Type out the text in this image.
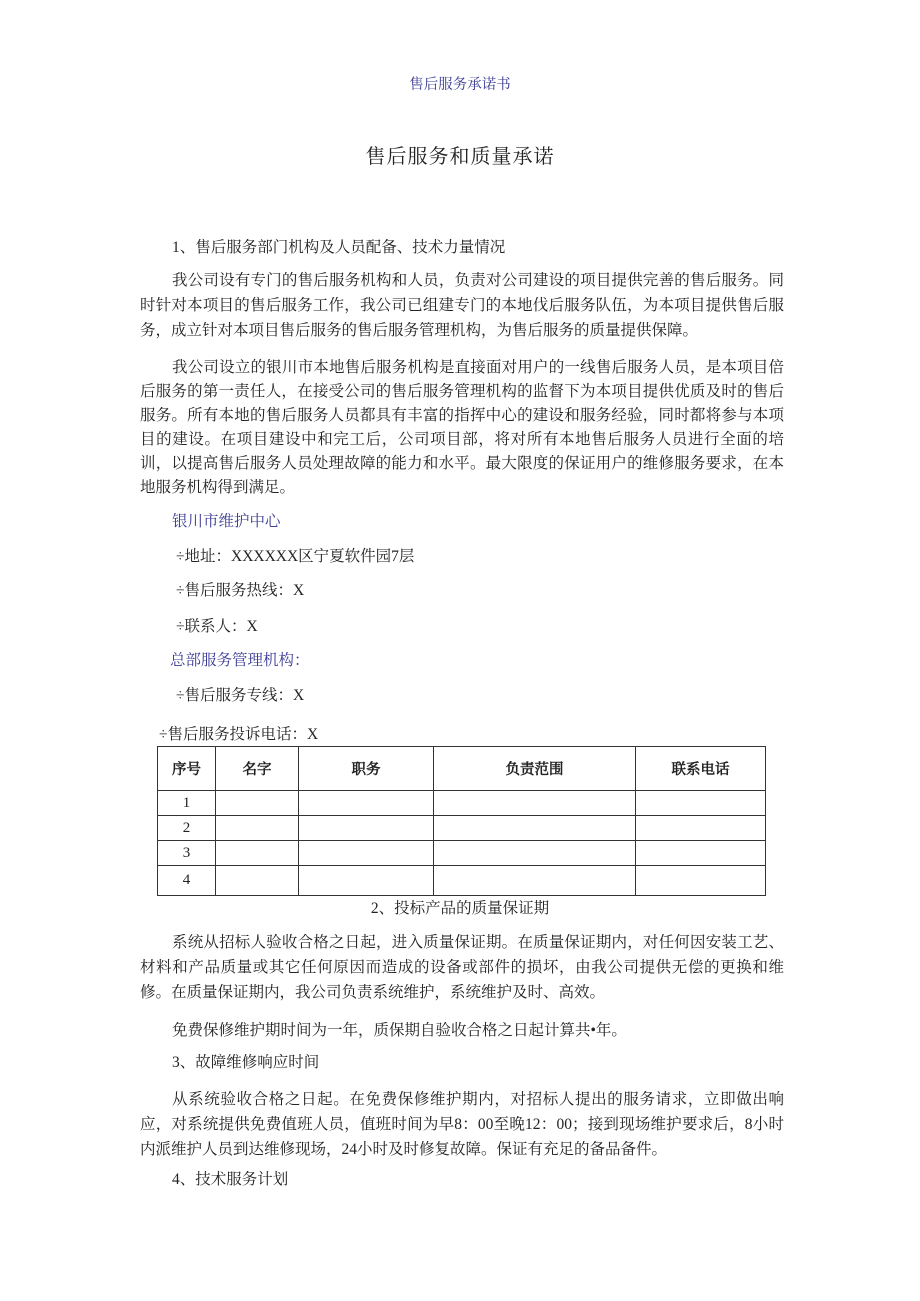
售后服务承诺书
售后服务和质量承诺
1、售后服务部门机构及人员配备、技术力量情况
我公司设有专门的售后服务机构和人员，负责对公司建设的项目提供完善的售后服务。同时针对本项目的售后服务工作，我公司已组建专门的本地伐后服务队伍，为本项目提供售后服务，成立针对本项目售后服务的售后服务管理机构，为售后服务的质量提供保障。
我公司设立的银川市本地售后服务机构是直接面对用户的一线售后服务人员，是本项目倍后服务的第一责任人，在接受公司的售后服务管理机构的监督下为本项目提供优质及时的售后服务。所有本地的售后服务人员都具有丰富的指挥中心的建设和服务经验，同时都将参与本项目的建设。在项目建设中和完工后，公司项目部，将对所有本地售后服务人员进行全面的培训，以提高售后服务人员处理故障的能力和水平。最大限度的保证用户的维修服务要求，在本地服务机构得到满足。
银川市维护中心
÷地址：XXXXXX区宁夏软件园7层
÷售后服务热线：X
÷联系人：X
总部服务管理机构：
÷售后服务专线：X
÷售后服务投诉电话：X
序号	名字	职务	负责范围	联系电话
1				
2				
3				
4				
2、投标产品的质量保证期
系统从招标人验收合格之日起，进入质量保证期。在质量保证期内，对任何因安装工艺、材料和产品质量或其它任何原因而造成的设备或部件的损坏，由我公司提供无偿的更换和维修。在质量保证期内，我公司负责系统维护，系统维护及时、高效。
免费保修维护期时间为一年，质保期自验收合格之日起计算共•年。
3、故障维修响应时间
从系统验收合格之日起。在免费保修维护期内，对招标人提出的服务请求，立即做出响应，对系统提供免费值班人员，值班时间为早8：00至晚12：00；接到现场维护要求后，8小时内派维护人员到达维修现场，24小时及时修复故障。保证有充足的备品备件。
4、技术服务计划
